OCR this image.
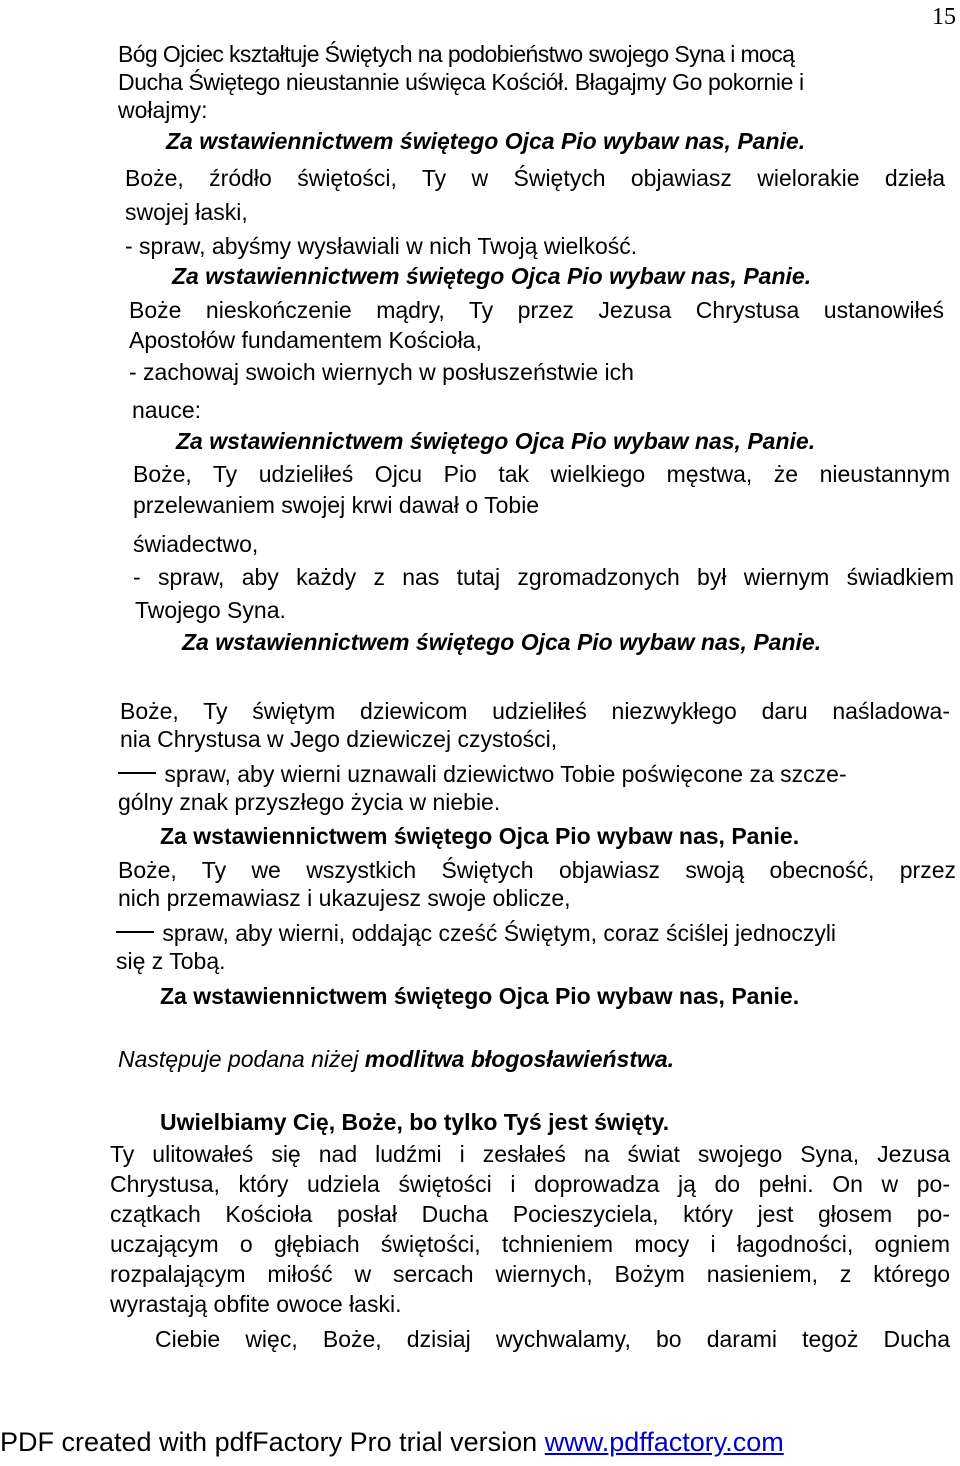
15
Bóg Ojciec kształtuje Świętych na podobieństwo swojego Syna i mocą
Ducha Świętego nieustannie uświęca Kościół. Błagajmy Go pokornie i
wołajmy:
Za wstawiennictwem świętego Ojca Pio wybaw nas, Panie.
Boże, źródło świętości, Ty w Świętych objawiasz wielorakie dzieła
swojej łaski,
- spraw, abyśmy wysławiali w nich Twoją wielkość.
Za wstawiennictwem świętego Ojca Pio wybaw nas, Panie.
Boże nieskończenie mądry, Ty przez Jezusa Chrystusa ustanowiłeś
Apostołów fundamentem Kościoła,
- zachowaj swoich wiernych w posłuszeństwie ich
nauce:
Za wstawiennictwem świętego Ojca Pio wybaw nas, Panie.
Boże, Ty udzieliłeś Ojcu Pio tak wielkiego męstwa, że nieustannym
przelewaniem swojej krwi dawał o Tobie
świadectwo,
- spraw, aby każdy z nas tutaj zgromadzonych był wiernym świadkiem
Twojego Syna.
Za wstawiennictwem świętego Ojca Pio wybaw nas, Panie.
Boże, Ty świętym dziewicom udzieliłeś niezwykłego daru naśladowa-
nia Chrystusa w Jego dziewiczej czystości,
spraw, aby wierni uznawali dziewictwo Tobie poświęcone za szcze-
gólny znak przyszłego życia w niebie.
Za wstawiennictwem świętego Ojca Pio wybaw nas, Panie.
Boże, Ty we wszystkich Świętych objawiasz swoją obecność, przez
nich przemawiasz i ukazujesz swoje oblicze,
spraw, aby wierni, oddając cześć Świętym, coraz ściślej jednoczyli
się z Tobą.
Za wstawiennictwem świętego Ojca Pio wybaw nas, Panie.
Następuje podana niżej modlitwa błogosławieństwa.
Uwielbiamy Cię, Boże, bo tylko Tyś jest święty.
Ty ulitowałeś się nad ludźmi i zesłałeś na świat swojego Syna, Jezusa
Chrystusa, który udziela świętości i doprowadza ją do pełni. On w po-
czątkach Kościoła posłał Ducha Pocieszyciela, który jest głosem po-
uczającym o głębiach świętości, tchnieniem mocy i łagodności, ogniem
rozpalającym miłość w sercach wiernych, Bożym nasieniem, z którego
wyrastają obfite owoce łaski.
Ciebie więc, Boże, dzisiaj wychwalamy, bo darami tegoż Ducha
PDF created with pdfFactory Pro trial version www.pdffactory.com
